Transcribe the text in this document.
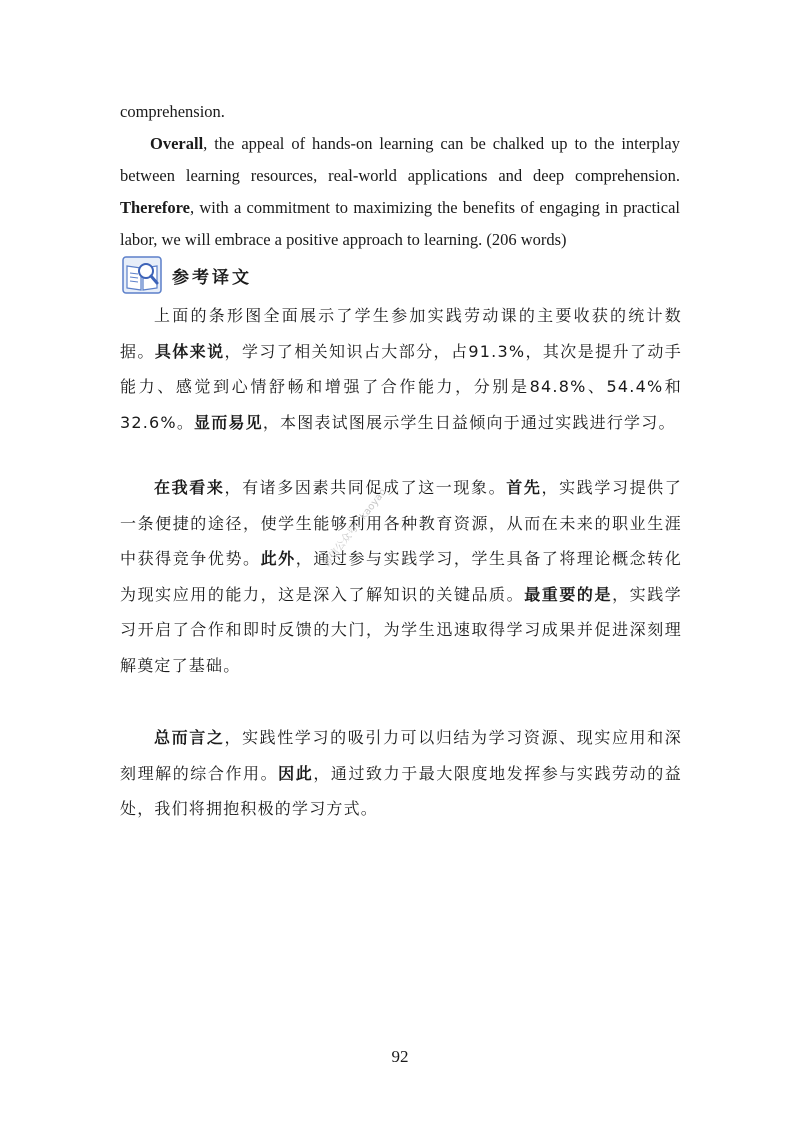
comprehension.

Overall, the appeal of hands-on learning can be chalked up to the interplay between learning resources, real-world applications and deep comprehension. Therefore, with a commitment to maximizing the benefits of engaging in practical labor, we will embrace a positive approach to learning. (206 words)

参考译文

上面的条形图全面展示了学生参加实践劳动课的主要收获的统计数据。具体来说，学习了相关知识占大部分，占91.3%，其次是提升了动手能力、感觉到心情舒畅和增强了合作能力，分别是84.8%、54.4%和32.6%。显而易见，本图表试图展示学生日益倾向于通过实践进行学习。

在我看来，有诸多因素共同促成了这一现象。首先，实践学习提供了一条便捷的途径，使学生能够利用各种教育资源，从而在未来的职业生涯中获得竞争优势。此外，通过参与实践学习，学生具备了将理论概念转化为现实应用的能力，这是深入了解知识的关键品质。最重要的是，实践学习开启了合作和即时反馈的大门，为学生迅速取得学习成果并促进深刻理解奠定了基础。

总而言之，实践性学习的吸引力可以归结为学习资源、现实应用和深刻理解的综合作用。因此，通过致力于最大限度地发挥参与实践劳动的益处，我们将拥抱积极的学习方式。

微信公众号：kaoyan
92
